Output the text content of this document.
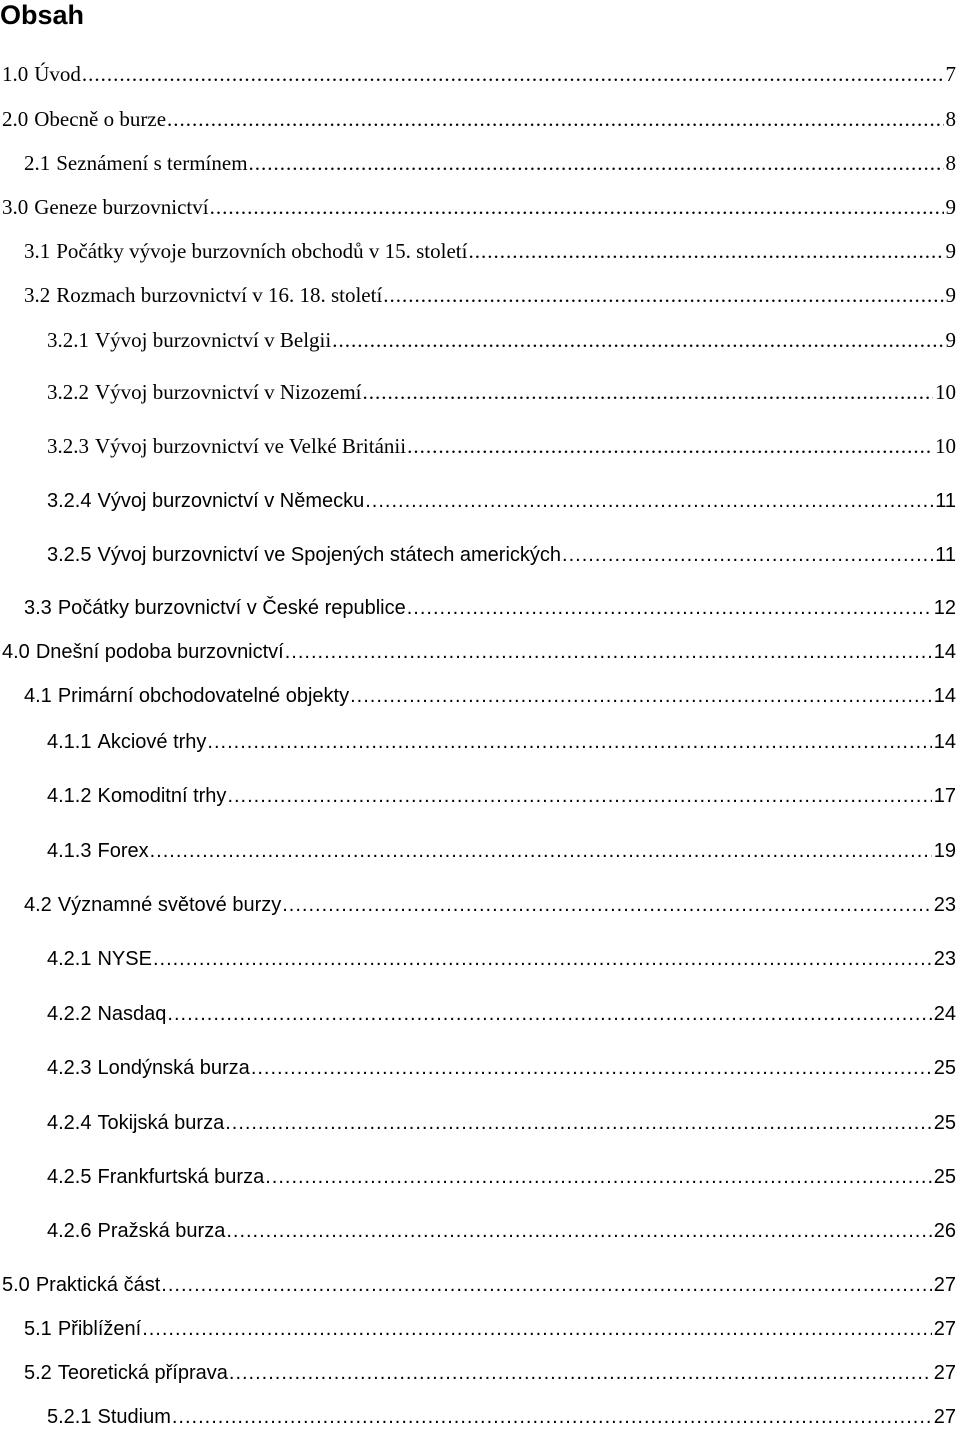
Obsah
1.0 Úvod .....	7
2.0 Obecně o burze .....	8
2.1 Seznámení s termínem .....	8
3.0 Geneze burzovnictví .....	9
3.1 Počátky vývoje burzovních obchodů v 15. století .....	9
3.2 Rozmach burzovnictví v 16. 18. století .....	9
3.2.1 Vývoj burzovnictví v Belgii .....	9
3.2.2 Vývoj burzovnictví v Nizozemí .....	10
3.2.3 Vývoj burzovnictví ve Velké Británii .....	10
3.2.4 Vývoj burzovnictví v Německu .....	11
3.2.5 Vývoj burzovnictví ve Spojených státech amerických .....	11
3.3 Počátky burzovnictví v České republice .....	12
4.0 Dnešní podoba burzovnictví .....	14
4.1 Primární obchodovatelné objekty .....	14
4.1.1 Akciové trhy .....	14
4.1.2 Komoditní trhy .....	17
4.1.3 Forex .....	19
4.2 Významné světové burzy .....	23
4.2.1 NYSE .....	23
4.2.2 Nasdaq .....	24
4.2.3 Londýnská burza .....	25
4.2.4 Tokijská burza .....	25
4.2.5 Frankfurtská burza .....	25
4.2.6 Pražská burza .....	26
5.0 Praktická část .....	27
5.1 Přiblížení .....	27
5.2 Teoretická příprava .....	27
5.2.1 Studium .....	27
